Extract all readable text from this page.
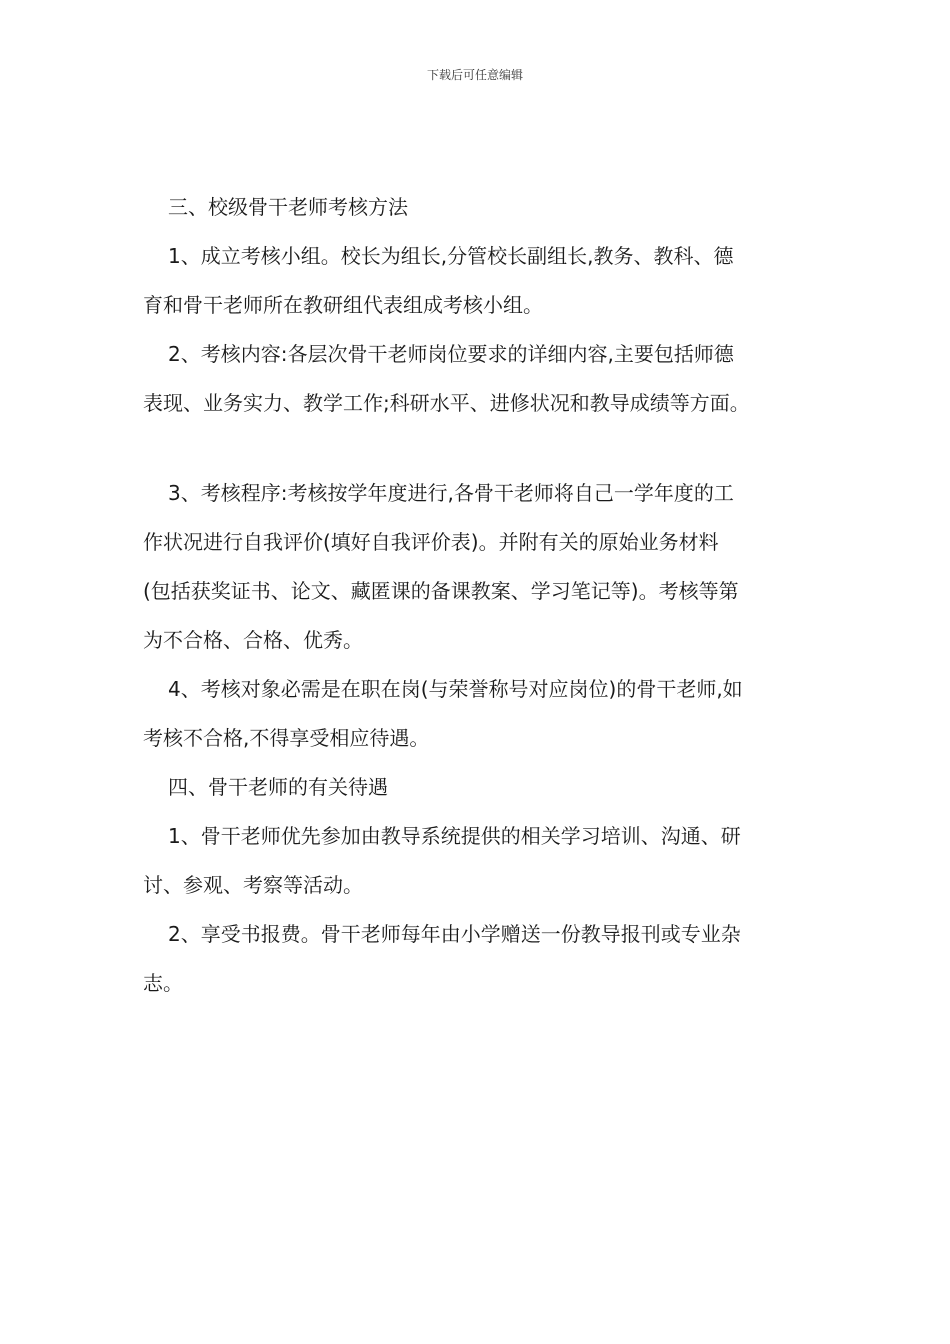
下载后可任意编辑

三、校级骨干老师考核方法

1、成立考核小组。校长为组长,分管校长副组长,教务、教科、德
育和骨干老师所在教研组代表组成考核小组。

2、考核内容:各层次骨干老师岗位要求的详细内容,主要包括师德
表现、业务实力、教学工作;科研水平、进修状况和教导成绩等方面。

3、考核程序:考核按学年度进行,各骨干老师将自己一学年度的工
作状况进行自我评价(填好自我评价表)。并附有关的原始业务材料
(包括获奖证书、论文、藏匿课的备课教案、学习笔记等)。考核等第
为不合格、合格、优秀。

4、考核对象必需是在职在岗(与荣誉称号对应岗位)的骨干老师,如
考核不合格,不得享受相应待遇。

四、骨干老师的有关待遇

1、骨干老师优先参加由教导系统提供的相关学习培训、沟通、研
讨、参观、考察等活动。

2、享受书报费。骨干老师每年由小学赠送一份教导报刊或专业杂
志。
